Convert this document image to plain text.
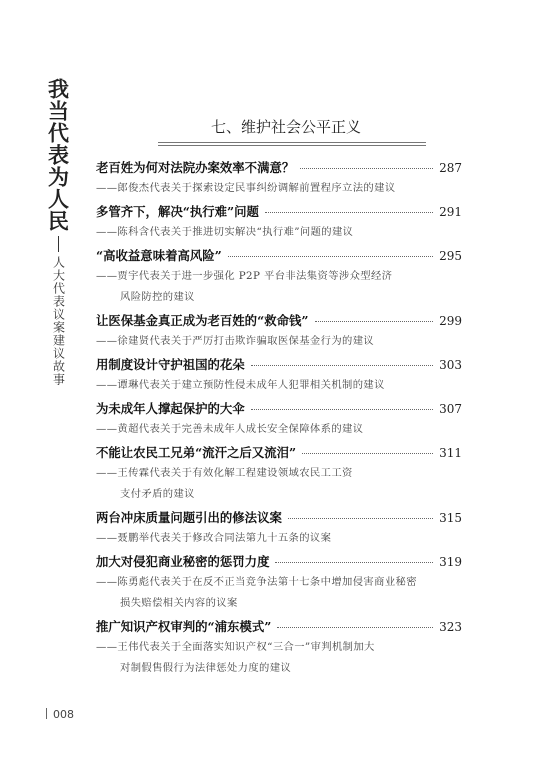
我当代表为人民
人大代表议案建议故事
七、维护社会公平正义
老百姓为何对法院办案效率不满意？	287
——郎俊杰代表关于探索设定民事纠纷调解前置程序立法的建议
多管齐下，解决“执行难”问题	291
——陈科含代表关于推进切实解决“执行难”问题的建议
“高收益意味着高风险”	295
——贾宇代表关于进一步强化 P2P 平台非法集资等涉众型经济
风险防控的建议
让医保基金真正成为老百姓的“救命钱”	299
——徐建贤代表关于严厉打击欺诈骗取医保基金行为的建议
用制度设计守护祖国的花朵	303
——谭琳代表关于建立预防性侵未成年人犯罪相关机制的建议
为未成年人撑起保护的大伞	307
——黄超代表关于完善未成年人成长安全保障体系的建议
不能让农民工兄弟“流汗之后又流泪”	311
——王传霖代表关于有效化解工程建设领域农民工工资
支付矛盾的建议
两台冲床质量问题引出的修法议案	315
——聂鹏举代表关于修改合同法第九十五条的议案
加大对侵犯商业秘密的惩罚力度	319
——陈勇彪代表关于在反不正当竞争法第十七条中增加侵害商业秘密
损失赔偿相关内容的议案
推广知识产权审判的“浦东模式”	323
——王伟代表关于全面落实知识产权“三合一”审判机制加大
对制假售假行为法律惩处力度的建议
008
